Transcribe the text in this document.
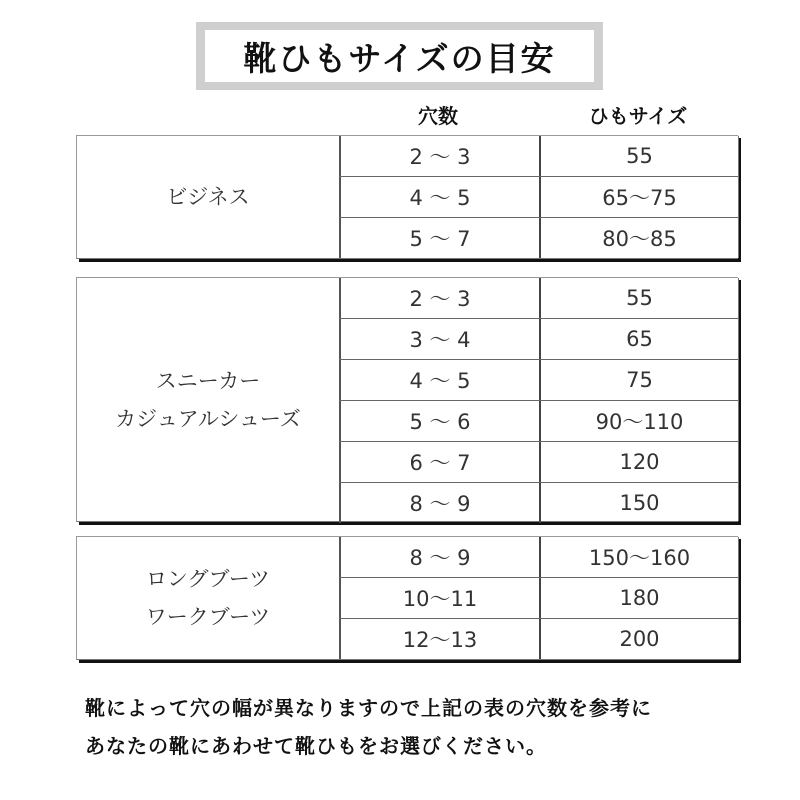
靴ひもサイズの目安
穴数	ひもサイズ
ビジネス
2 〜 3	55
4 〜 5	65〜75
5 〜 7	80〜85
スニーカー
カジュアルシューズ
2 〜 3	55
3 〜 4	65
4 〜 5	75
5 〜 6	90〜110
6 〜 7	120
8 〜 9	150
ロングブーツ
ワークブーツ
8 〜 9	150〜160
10〜11	180
12〜13	200
靴によって穴の幅が異なりますので上記の表の穴数を参考に
あなたの靴にあわせて靴ひもをお選びください。
